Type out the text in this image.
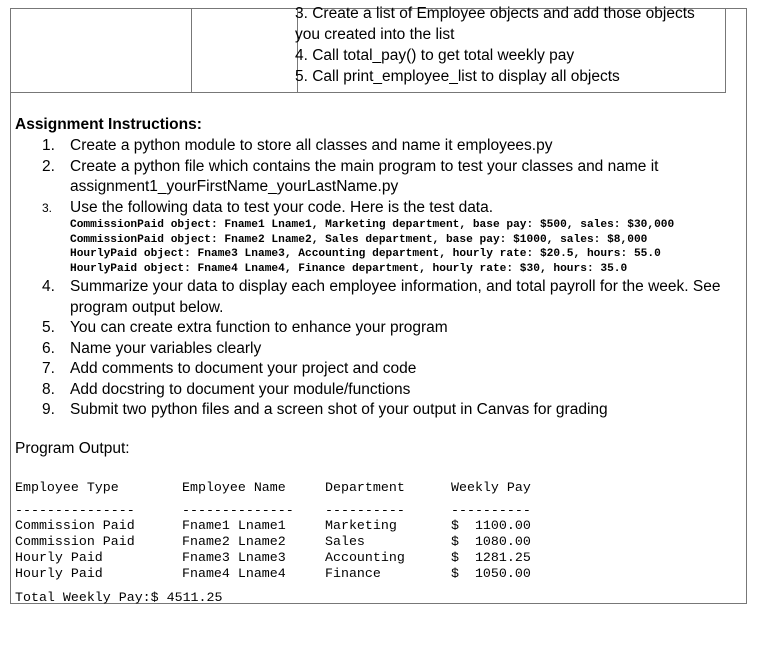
3. Create a list of Employee objects and add those objects
you created into the list
4. Call total_pay() to get total weekly pay
5. Call print_employee_list to display all objects
Assignment Instructions:
1. Create a python module to store all classes and name it employees.py
2. Create a python file which contains the main program to test your classes and name it
assignment1_yourFirstName_yourLastName.py
3.	Use the following data to test your code. Here is the test data.
CommissionPaid object: Fname1 Lname1, Marketing department, base pay: $500, sales: $30,000
CommissionPaid object: Fname2 Lname2, Sales department, base pay: $1000, sales: $8,000
HourlyPaid object: Fname3 Lname3, Accounting department, hourly rate: $20.5, hours: 55.0
HourlyPaid object: Fname4 Lname4, Finance department, hourly rate: $30, hours: 35.0
4. Summarize your data to display each employee information, and total payroll for the week. See
program output below.
5. You can create extra function to enhance your program
6. Name your variables clearly
7. Add comments to document your project and code
8. Add docstring to document your module/functions
9. Submit two python files and a screen shot of your output in Canvas for grading
Program Output:
Employee Type
---------------
Commission Paid
Commission Paid
Hourly Paid
Hourly Paid
Employee Name
--------------
Fname1 Lname1
Fname2 Lname2
Fname3 Lname3
Fname4 Lname4
Department
----------
Marketing
Sales
Accounting
Finance
Weekly Pay
----------
$  1100.00
$  1080.00
$  1281.25
$  1050.00
Total Weekly Pay:$ 4511.25
